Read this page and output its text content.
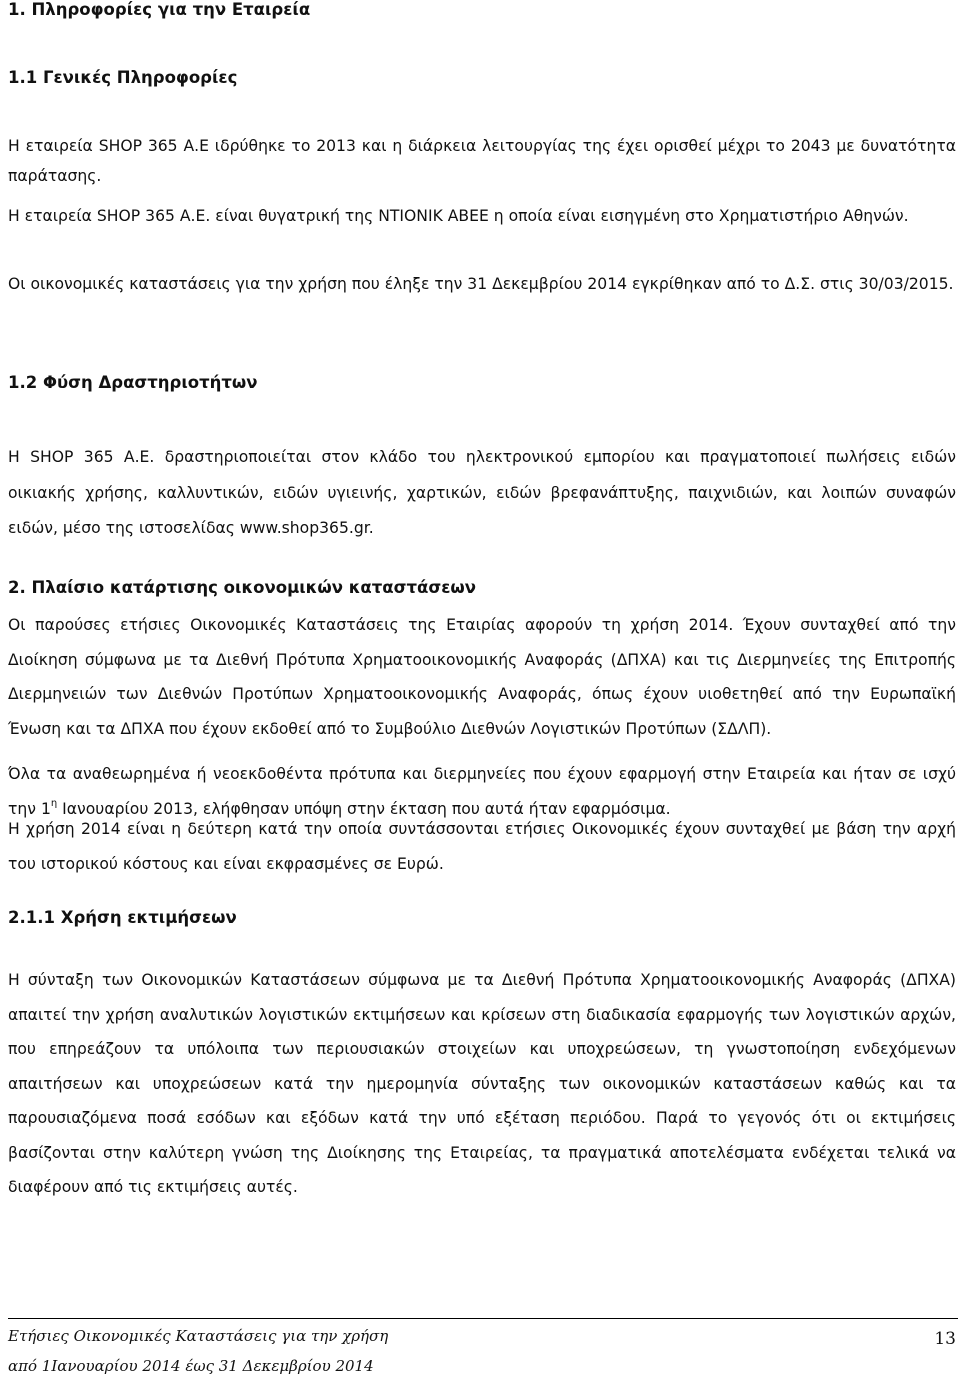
1. Πληροφορίες για την Εταιρεία
1.1 Γενικές Πληροφορίες

Η εταιρεία SHOP 365 Α.Ε ιδρύθηκε το 2013 και η διάρκεια λειτουργίας της έχει ορισθεί μέχρι το 2043 με δυνατότητα παράτασης.

Η εταιρεία SHOP 365 Α.Ε. είναι θυγατρική της ΝΤΙΟΝΙΚ ΑΒΕΕ η οποία είναι εισηγμένη στο Χρηματιστήριο Αθηνών.

Οι οικονομικές καταστάσεις για την χρήση που έληξε την 31 Δεκεμβρίου 2014 εγκρίθηκαν από το Δ.Σ. στις 30/03/2015.

1.2 Φύση Δραστηριοτήτων

Η SHOP 365 Α.Ε. δραστηριοποιείται στον κλάδο του ηλεκτρονικού εμπορίου και πραγματοποιεί πωλήσεις ειδών οικιακής χρήσης, καλλυντικών, ειδών υγιεινής, χαρτικών, ειδών βρεφανάπτυξης, παιχνιδιών, και λοιπών συναφών ειδών, μέσο της ιστοσελίδας www.shop365.gr.

2. Πλαίσιο κατάρτισης οικονομικών καταστάσεων

Οι παρούσες ετήσιες Οικονομικές Καταστάσεις της Εταιρίας αφορούν τη χρήση 2014. Έχουν συνταχθεί από την Διοίκηση σύμφωνα με τα Διεθνή Πρότυπα Χρηματοοικονομικής Αναφοράς (ΔΠΧΑ) και τις Διερμηνείες της Επιτροπής Διερμηνειών των Διεθνών Προτύπων Χρηματοοικονομικής Αναφοράς, όπως έχουν υιοθετηθεί από την Ευρωπαϊκή Ένωση και τα ΔΠΧΑ που έχουν εκδοθεί από το Συμβούλιο Διεθνών Λογιστικών Προτύπων (ΣΔΛΠ).

Όλα τα αναθεωρημένα ή νεοεκδοθέντα πρότυπα και διερμηνείες που έχουν εφαρμογή στην Εταιρεία και ήταν σε ισχύ την $1^\eta$ Ιανουαρίου 2013, ελήφθησαν υπόψη στην έκταση που αυτά ήταν εφαρμόσιμα.

Η χρήση 2014 είναι η δεύτερη κατά την οποία συντάσσονται ετήσιες Οικονομικές έχουν συνταχθεί με βάση την αρχή του ιστορικού κόστους και είναι εκφρασμένες σε Ευρώ.

2.1.1 Χρήση εκτιμήσεων

Η σύνταξη των Οικονομικών Καταστάσεων σύμφωνα με τα Διεθνή Πρότυπα Χρηματοοικονομικής Αναφοράς (ΔΠΧΑ) απαιτεί την χρήση αναλυτικών λογιστικών εκτιμήσεων και κρίσεων στη διαδικασία εφαρμογής των λογιστικών αρχών, που επηρεάζουν τα υπόλοιπα των περιουσιακών στοιχείων και υποχρεώσεων, τη γνωστοποίηση ενδεχόμενων απαιτήσεων και υποχρεώσεων κατά την ημερομηνία σύνταξης των οικονομικών καταστάσεων καθώς και τα παρουσιαζόμενα ποσά εσόδων και εξόδων κατά την υπό εξέταση περιόδου. Παρά το γεγονός ότι οι εκτιμήσεις βασίζονται στην καλύτερη γνώση της Διοίκησης της Εταιρείας, τα πραγματικά αποτελέσματα ενδέχεται τελικά να διαφέρουν από τις εκτιμήσεις αυτές.

Ετήσιες Οικονομικές Καταστάσεις για την χρήση
από 1Ιανουαρίου 2014 έως 31 Δεκεμβρίου 2014
13
